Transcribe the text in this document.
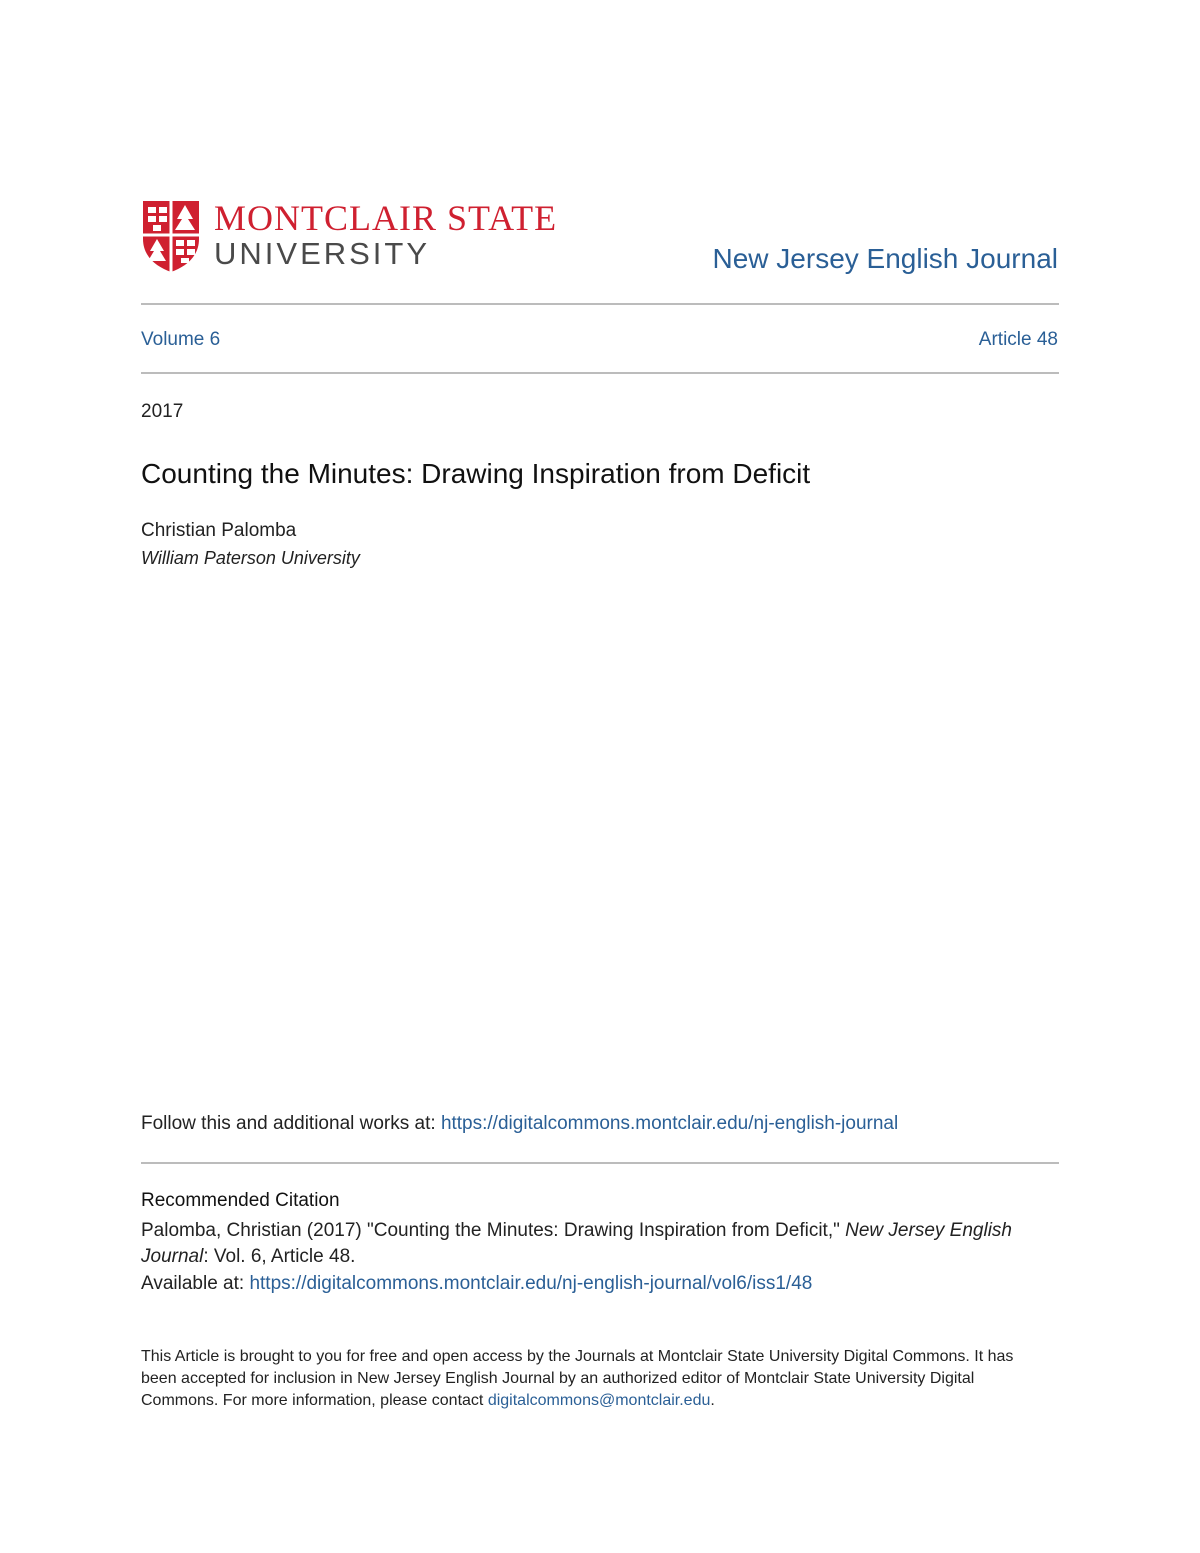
MONTCLAIR STATE
UNIVERSITY	New Jersey English Journal
Volume 6	Article 48
2017
Counting the Minutes: Drawing Inspiration from Deficit
Christian Palomba
William Paterson University
Follow this and additional works at: https://digitalcommons.montclair.edu/nj-english-journal
Recommended Citation
Palomba, Christian (2017) "Counting the Minutes: Drawing Inspiration from Deficit," New Jersey English Journal: Vol. 6, Article 48.
Available at: https://digitalcommons.montclair.edu/nj-english-journal/vol6/iss1/48
This Article is brought to you for free and open access by the Journals at Montclair State University Digital Commons. It has been accepted for inclusion in New Jersey English Journal by an authorized editor of Montclair State University Digital Commons. For more information, please contact digitalcommons@montclair.edu.
